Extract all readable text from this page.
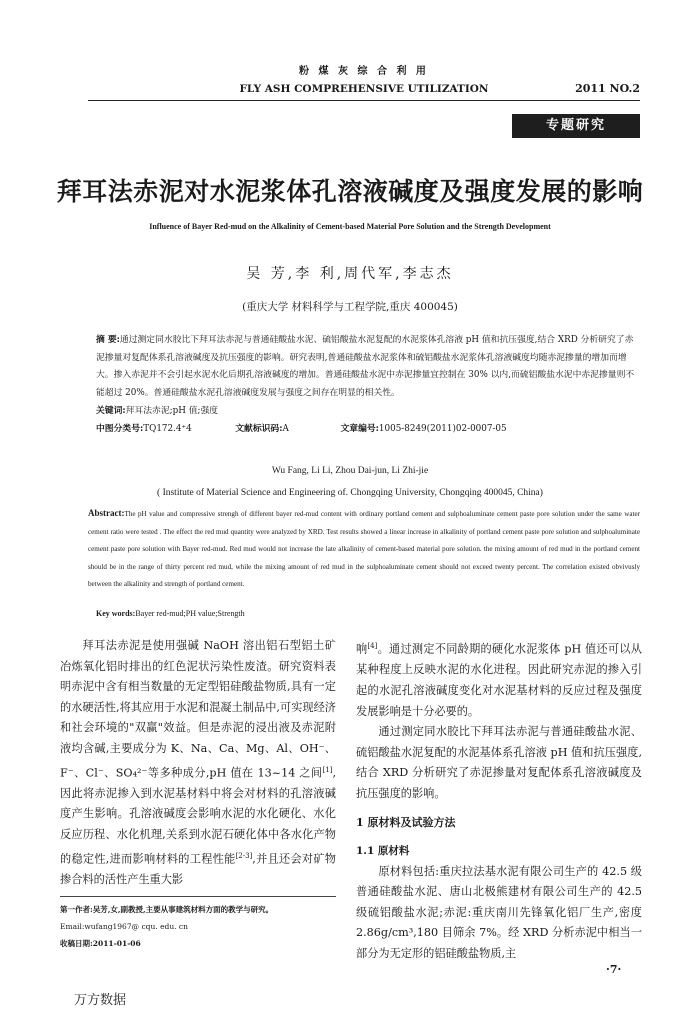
粉 煤 灰 综 合 利 用
FLY ASH COMPREHENSIVE UTILIZATION	2011 NO.2
专题研究
拜耳法赤泥对水泥浆体孔溶液碱度及强度发展的影响
Influence of Bayer Red-mud on the Alkalinity of Cement-based Material Pore Solution and the Strength Development
吴 芳,李 利,周代军,李志杰
(重庆大学 材料科学与工程学院,重庆 400045)

摘 要:通过测定同水胶比下拜耳法赤泥与普通硅酸盐水泥、硫铝酸盐水泥复配的水泥浆体孔溶液 pH 值和抗压强度,结合 XRD 分析研究了赤泥掺量对复配体系孔溶液碱度及抗压强度的影响。研究表明,普通硅酸盐水泥浆体和硫铝酸盐水泥浆体孔溶液碱度均随赤泥掺量的增加而增大。掺入赤泥并不会引起水泥水化后期孔溶液碱度的增加。普通硅酸盐水泥中赤泥掺量宜控制在 30% 以内,而硫铝酸盐水泥中赤泥掺量则不能超过 20%。普通硅酸盐水泥孔溶液碱度发展与强度之间存在明显的相关性。

关键词:拜耳法赤泥;pH 值;强度

中图分类号: TQ172.4⁺4	文献标识码: A	文章编号: 1005-8249(2011)02-0007-05

Wu Fang, Li Li, Zhou Dai-jun, Li Zhi-jie
( Institute of Material Science and Engineering of. Chongqing University, Chongqing 400045, China)
Abstract:The pH value and compressive strengh of different bayer red-mud content with ordinary portland cement and sulphoaluminate cement paste pore solution under the same water cement ratio were tested . The effect the red mud quantity were analyzed by XRD. Test results showed a linear increase in alkalinity of portland cement paste pore solution and sulphoaluminate cement paste pore solution with Bayer red-mud. Red mud would not increase the late alkalinity of cement-based material pore solution. the mixing amount of red mud in the portland cement should be in the range of thirty percent red mud, while the mixing amount of red mud in the sulphoaluminate cement should not exceed twenty percent. The correlation existed obvivusly between the alkalinity and strength of portland cement.
Key words:Bayer red-mud;PH value;Strength

拜耳法赤泥是使用强碱 NaOH 溶出铝石型铝土矿冶炼氧化铝时排出的红色泥状污染性废渣。研究资料表明赤泥中含有相当数量的无定型铝硅酸盐物质,具有一定的水硬活性,将其应用于水泥和混凝土制品中,可实现经济和社会环境的"双赢"效益。但是赤泥的浸出液及赤泥附液均含碱,主要成分为 K、Na、Ca、Mg、Al、OH⁻、F⁻、Cl⁻、SO₄²⁻等多种成分,pH 值在 13~14 之间[1],因此将赤泥掺入到水泥基材料中将会对材料的孔溶液碱度产生影响。孔溶液碱度会影响水泥的水化硬化、水化反应历程、水化机理,关系到水泥石硬化体中各水化产物的稳定性,进而影响材料的工程性能[2-3],并且还会对矿物掺合料的活性产生重大影

第一作者:吴芳,女,副教授,主要从事建筑材料方面的教学与研究。
Email:wufang1967@ cqu. edu. cn
收稿日期:2011-01-06

响[4]。通过测定不同龄期的硬化水泥浆体 pH 值还可以从某种程度上反映水泥的水化进程。因此研究赤泥的掺入引起的水泥孔溶液碱度变化对水泥基材料的反应过程及强度发展影响是十分必要的。

通过测定同水胶比下拜耳法赤泥与普通硅酸盐水泥、硫铝酸盐水泥复配的水泥基体系孔溶液 pH 值和抗压强度,结合 XRD 分析研究了赤泥掺量对复配体系孔溶液碱度及抗压强度的影响。

1 原材料及试验方法
1.1 原材料

原材料包括:重庆拉法基水泥有限公司生产的 42.5 级普通硅酸盐水泥、唐山北极熊建材有限公司生产的 42.5 级硫铝酸盐水泥;赤泥:重庆南川先锋氧化铝厂生产,密度 2.86g/cm³,180 目筛余 7%。经 XRD 分析赤泥中相当一部分为无定形的铝硅酸盐物质,主

·7·
万方数据
